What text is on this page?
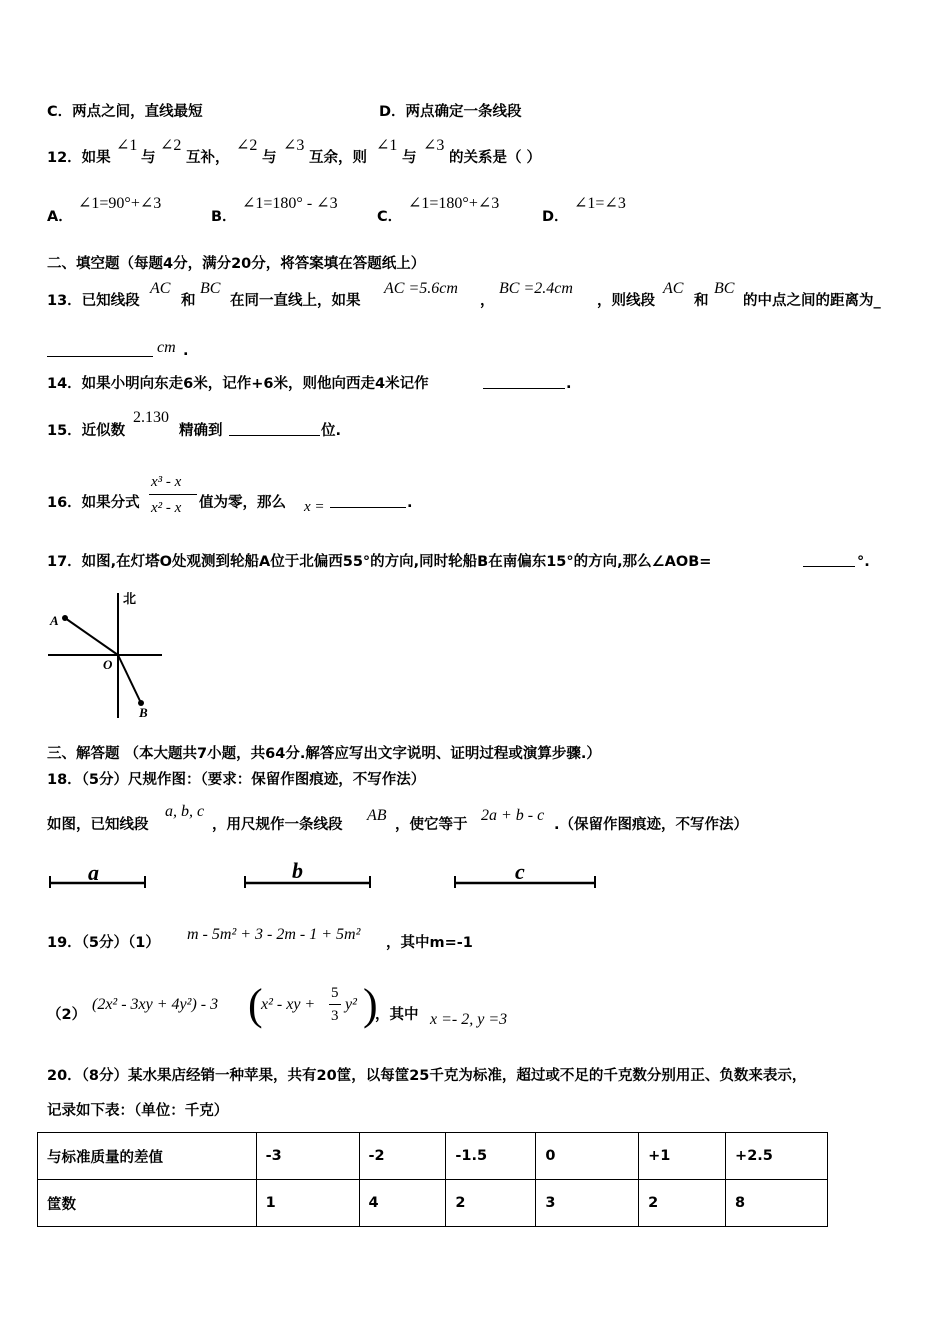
C．两点之间，直线最短	D．两点确定一条线段
12．如果
∠1
与
∠2
互补，
∠2
与
∠3
互余，则
∠1
与
∠3
的关系是（ ）
A．
∠1=90°+∠3
B．
∠1=180° - ∠3
C．
∠1=180°+∠3
D．
∠1=∠3
二、填空题（每题4分，满分20分，将答案填在答题纸上）
13．已知线段
AC
和
BC
在同一直线上，如果
AC =5.6cm
，
BC =2.4cm
，则线段
AC
和
BC
的中点之间的距离为_
cm .
14．如果小明向东走6米，记作+6米，则他向西走4米记作	.
15．近似数
2.130
精确到	位.
16．如果分式
x³ - x
x² - x 值为零，那么 x =	.
17．如图,在灯塔O处观测到轮船A位于北偏西55°的方向,同时轮船B在南偏东15°的方向,那么∠AOB=	°.
北
A
O
B
三、解答题 （本大题共7小题，共64分.解答应写出文字说明、证明过程或演算步骤.）
18．（5分）尺规作图：（要求：保留作图痕迹，不写作法）
如图，已知线段
a, b, c
，用尺规作一条线段
AB
，使它等于
2a + b - c
.（保留作图痕迹，不写作法）
a	b	c
19．（5分）（1） m - 5m² + 3 - 2m - 1 + 5m² ，其中m=-1
（2）
(2x² - 3xy + 4y²) - 3 (
x² - xy +
5
3
y² )
，其中 x =- 2, y =3
20．（8分）某水果店经销一种苹果，共有20筐，以每筐25千克为标准，超过或不足的千克数分别用正、负数来表示，
记录如下表：（单位：千克）
与标准质量的差值	-3	-2	-1.5	0	+1	+2.5
筐数	1	4	2	3	2	8
